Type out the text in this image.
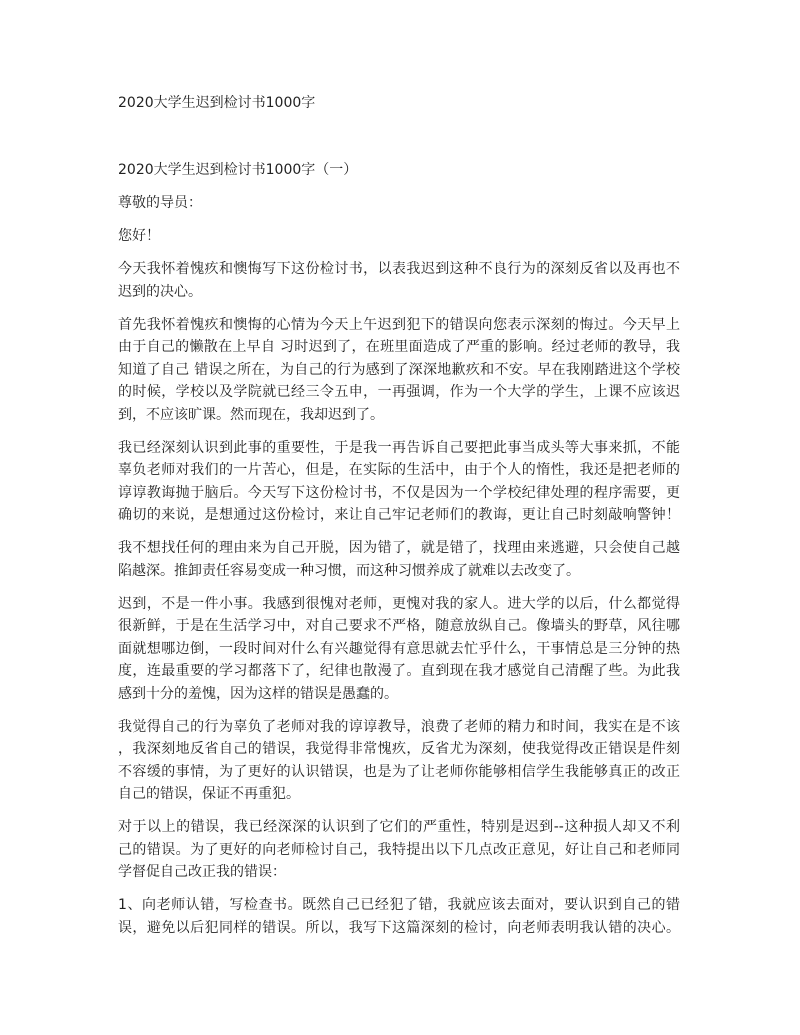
2020大学生迟到检讨书1000字
2020大学生迟到检讨书1000字（一）
尊敬的导员：
您好！
今天我怀着愧疚和懊悔写下这份检讨书，以表我迟到这种不良行为的深刻反省以及再也不
迟到的决心。
首先我怀着愧疚和懊悔的心情为今天上午迟到犯下的错误向您表示深刻的悔过。今天早上
由于自己的懒散在上早自 习时迟到了，在班里面造成了严重的影响。经过老师的教导，我
知道了自己 错误之所在，为自己的行为感到了深深地歉疚和不安。早在我刚踏进这个学校
的时候，学校以及学院就已经三令五申，一再强调，作为一个大学的学生，上课不应该迟
到，不应该旷课。然而现在，我却迟到了。
我已经深刻认识到此事的重要性，于是我一再告诉自己要把此事当成头等大事来抓，不能
辜负老师对我们的一片苦心，但是，在实际的生活中，由于个人的惰性，我还是把老师的
谆谆教诲抛于脑后。今天写下这份检讨书，不仅是因为一个学校纪律处理的程序需要，更
确切的来说，是想通过这份检讨，来让自己牢记老师们的教诲，更让自己时刻敲响警钟！
我不想找任何的理由来为自己开脱，因为错了，就是错了，找理由来逃避，只会使自己越
陷越深。推卸责任容易变成一种习惯，而这种习惯养成了就难以去改变了。
迟到，不是一件小事。我感到很愧对老师，更愧对我的家人。进大学的以后，什么都觉得
很新鲜，于是在生活学习中，对自己要求不严格，随意放纵自己。像墙头的野草，风往哪
面就想哪边倒，一段时间对什么有兴趣觉得有意思就去忙乎什么，干事情总是三分钟的热
度，连最重要的学习都落下了，纪律也散漫了。直到现在我才感觉自己清醒了些。为此我
感到十分的羞愧，因为这样的错误是愚蠢的。
我觉得自己的行为辜负了老师对我的谆谆教导，浪费了老师的精力和时间，我实在是不该
，我深刻地反省自己的错误，我觉得非常愧疚，反省尤为深刻，使我觉得改正错误是件刻
不容缓的事情，为了更好的认识错误，也是为了让老师你能够相信学生我能够真正的改正
自己的错误，保证不再重犯。
对于以上的错误，我已经深深的认识到了它们的严重性，特别是迟到--这种损人却又不利
己的错误。为了更好的向老师检讨自己，我特提出以下几点改正意见，好让自己和老师同
学督促自己改正我的错误：
1、向老师认错，写检查书。既然自己已经犯了错，我就应该去面对，要认识到自己的错
误，避免以后犯同样的错误。所以，我写下这篇深刻的检讨，向老师表明我认错的决心。
